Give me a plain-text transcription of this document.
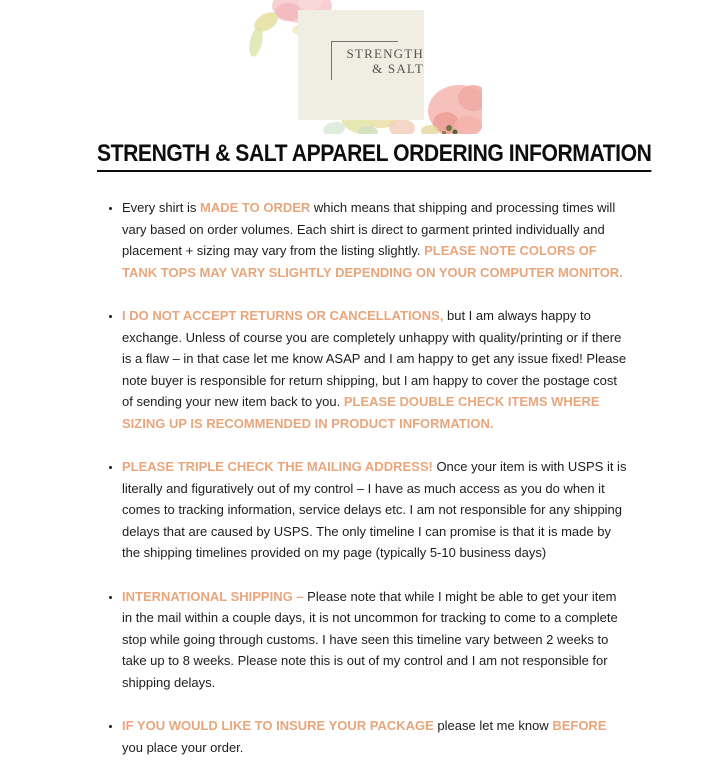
STRENGTH
& SALT
STRENGTH & SALT APPAREL ORDERING INFORMATION
• Every shirt is MADE TO ORDER which means that shipping and processing times will vary based on order volumes. Each shirt is direct to garment printed individually and placement + sizing may vary from the listing slightly. PLEASE NOTE COLORS OF TANK TOPS MAY VARY SLIGHTLY DEPENDING ON YOUR COMPUTER MONITOR.
• I DO NOT ACCEPT RETURNS OR CANCELLATIONS, but I am always happy to exchange. Unless of course you are completely unhappy with quality/printing or if there is a flaw – in that case let me know ASAP and I am happy to get any issue fixed! Please note buyer is responsible for return shipping, but I am happy to cover the postage cost of sending your new item back to you. PLEASE DOUBLE CHECK ITEMS WHERE SIZING UP IS RECOMMENDED IN PRODUCT INFORMATION.
• PLEASE TRIPLE CHECK THE MAILING ADDRESS! Once your item is with USPS it is literally and figuratively out of my control – I have as much access as you do when it comes to tracking information, service delays etc. I am not responsible for any shipping delays that are caused by USPS. The only timeline I can promise is that it is made by the shipping timelines provided on my page (typically 5-10 business days)
• INTERNATIONAL SHIPPING – Please note that while I might be able to get your item in the mail within a couple days, it is not uncommon for tracking to come to a complete stop while going through customs. I have seen this timeline vary between 2 weeks to take up to 8 weeks. Please note this is out of my control and I am not responsible for shipping delays.
• IF YOU WOULD LIKE TO INSURE YOUR PACKAGE please let me know BEFORE you place your order.
